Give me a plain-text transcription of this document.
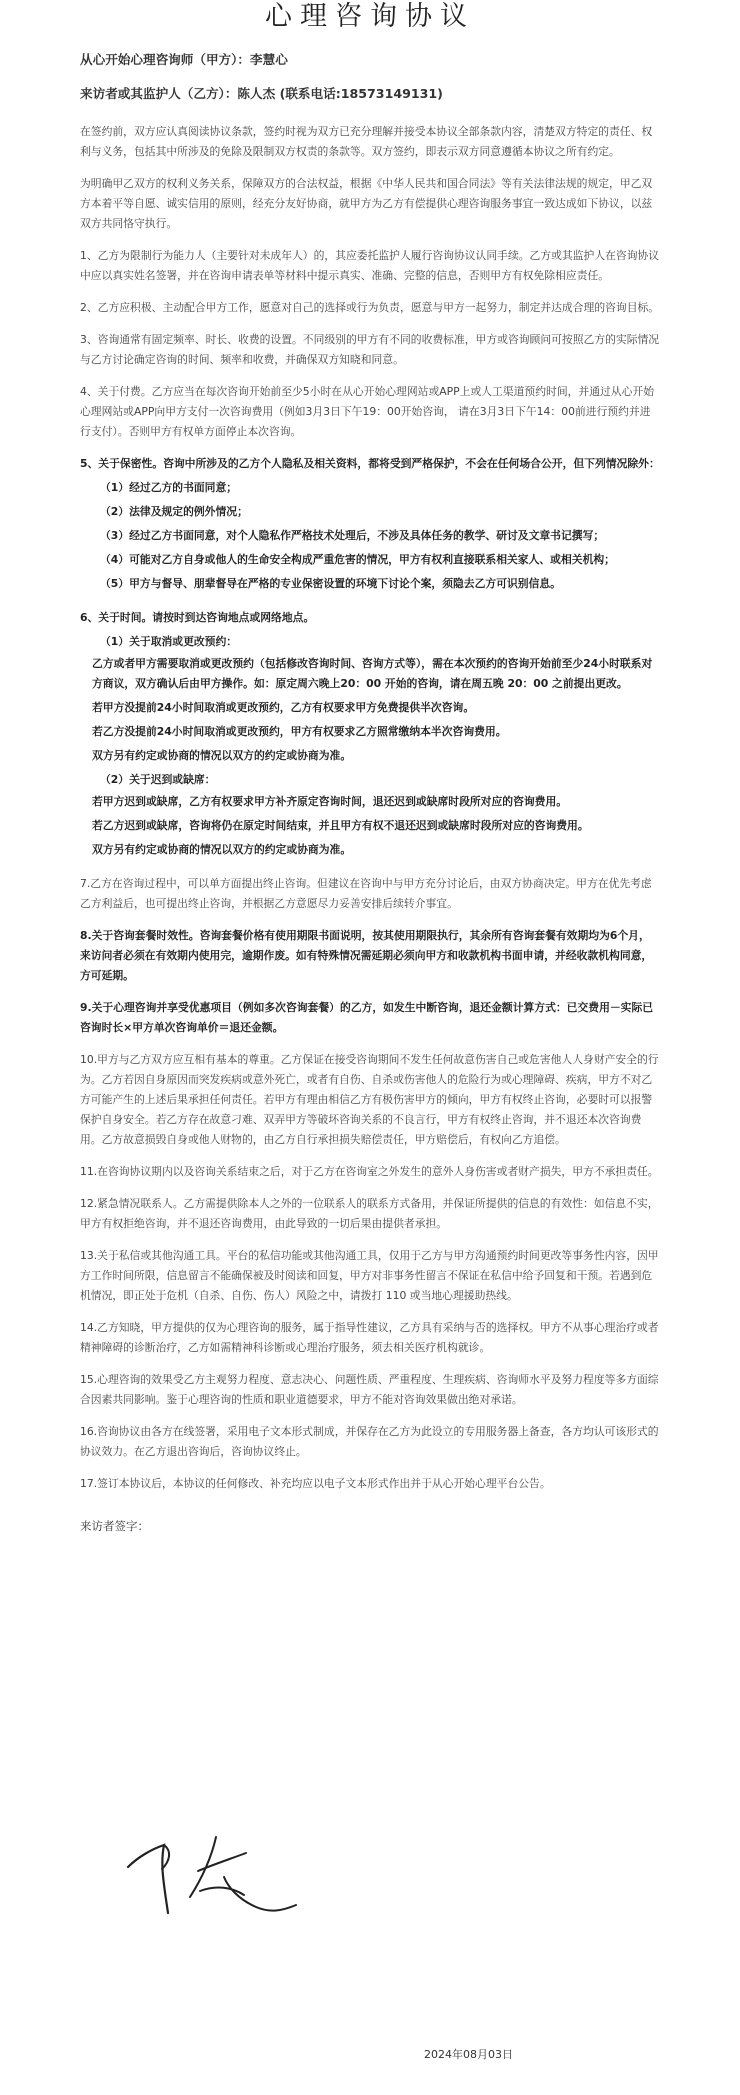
心理咨询协议
从心开始心理咨询师（甲方）：李慧心
来访者或其监护人（乙方）：陈人杰 (联系电话:18573149131)
在签约前，双方应认真阅读协议条款，签约时视为双方已充分理解并接受本协议全部条款内容，清楚双方特定的责任、权利与义务，包括其中所涉及的免除及限制双方权责的条款等。双方签约，即表示双方同意遵循本协议之所有约定。
为明确甲乙双方的权利义务关系，保障双方的合法权益，根据《中华人民共和国合同法》等有关法律法规的规定，甲乙双方本着平等自愿、诚实信用的原则，经充分友好协商，就甲方为乙方有偿提供心理咨询服务事宜一致达成如下协议，以兹双方共同恪守执行。
1、乙方为限制行为能力人（主要针对未成年人）的，其应委托监护人履行咨询协议认同手续。乙方或其监护人在咨询协议中应以真实姓名签署，并在咨询申请表单等材料中提示真实、准确、完整的信息，否则甲方有权免除相应责任。
2、乙方应积极、主动配合甲方工作，愿意对自己的选择或行为负责，愿意与甲方一起努力，制定并达成合理的咨询目标。
3、咨询通常有固定频率、时长、收费的设置。不同级别的甲方有不同的收费标准，甲方或咨询顾问可按照乙方的实际情况与乙方讨论确定咨询的时间、频率和收费，并确保双方知晓和同意。
4、关于付费。乙方应当在每次咨询开始前至少5小时在从心开始心理网站或APP上或人工渠道预约时间，并通过从心开始心理网站或APP向甲方支付一次咨询费用（例如3月3日下午19：00开始咨询， 请在3月3日下午14：00前进行预约并进行支付）。否则甲方有权单方面停止本次咨询。
5、关于保密性。咨询中所涉及的乙方个人隐私及相关资料，都将受到严格保护，不会在任何场合公开，但下列情况除外：
（1）经过乙方的书面同意；
（2）法律及规定的例外情况；
（3）经过乙方书面同意，对个人隐私作严格技术处理后，不涉及具体任务的教学、研讨及文章书记撰写；
（4）可能对乙方自身或他人的生命安全构成严重危害的情况，甲方有权利直接联系相关家人、或相关机构；
（5）甲方与督导、朋辈督导在严格的专业保密设置的环境下讨论个案，须隐去乙方可识别信息。
6、关于时间。请按时到达咨询地点或网络地点。
（1）关于取消或更改预约：
乙方或者甲方需要取消或更改预约（包括修改咨询时间、咨询方式等），需在本次预约的咨询开始前至少24小时联系对方商议，双方确认后由甲方操作。如：原定周六晚上20：00 开始的咨询，请在周五晚 20：00 之前提出更改。
若甲方没提前24小时间取消或更改预约，乙方有权要求甲方免费提供半次咨询。
若乙方没提前24小时间取消或更改预约，甲方有权要求乙方照常缴纳本半次咨询费用。
双方另有约定或协商的情况以双方的约定或协商为准。
（2）关于迟到或缺席：
若甲方迟到或缺席，乙方有权要求甲方补齐原定咨询时间，退还迟到或缺席时段所对应的咨询费用。
若乙方迟到或缺席，咨询将仍在原定时间结束，并且甲方有权不退还迟到或缺席时段所对应的咨询费用。
双方另有约定或协商的情况以双方的约定或协商为准。
7.乙方在咨询过程中，可以单方面提出终止咨询。但建议在咨询中与甲方充分讨论后，由双方协商决定。甲方在优先考虑乙方利益后，也可提出终止咨询，并根据乙方意愿尽力妥善安排后续转介事宜。
8.关于咨询套餐时效性。咨询套餐价格有使用期限书面说明，按其使用期限执行，其余所有咨询套餐有效期均为6个月，来访问者必须在有效期内使用完，逾期作废。如有特殊情况需延期必须向甲方和收款机构书面申请，并经收款机构同意，方可延期。
9.关于心理咨询并享受优惠项目（例如多次咨询套餐）的乙方，如发生中断咨询，退还金额计算方式：已交费用－实际已咨询时长×甲方单次咨询单价＝退还金额。
10.甲方与乙方双方应互相有基本的尊重。乙方保证在接受咨询期间不发生任何故意伤害自己或危害他人人身财产安全的行为。乙方若因自身原因而突发疾病或意外死亡，或者有自伤、自杀或伤害他人的危险行为或心理障碍、疾病，甲方不对乙方可能产生的上述后果承担任何责任。若甲方有理由相信乙方有极伤害甲方的倾向，甲方有权终止咨询，必要时可以报警保护自身安全。若乙方存在故意刁难、双弄甲方等破坏咨询关系的不良言行，甲方有权终止咨询，并不退还本次咨询费用。乙方故意损毁自身或他人财物的，由乙方自行承担损失赔偿责任，甲方赔偿后，有权向乙方追偿。
11.在咨询协议期内以及咨询关系结束之后，对于乙方在咨询室之外发生的意外人身伤害或者财产损失，甲方不承担责任。
12.紧急情况联系人。乙方需提供除本人之外的一位联系人的联系方式备用，并保证所提供的信息的有效性：如信息不实，甲方有权拒绝咨询，并不退还咨询费用，由此导致的一切后果由提供者承担。
13.关于私信或其他沟通工具。平台的私信功能或其他沟通工具，仅用于乙方与甲方沟通预约时间更改等事务性内容，因甲方工作时间所限，信息留言不能确保被及时阅读和回复，甲方对非事务性留言不保证在私信中给予回复和干预。若遇到危机情况，即正处于危机（自杀、自伤、伤人）风险之中，请拨打 110 或当地心理援助热线。
14.乙方知晓，甲方提供的仅为心理咨询的服务，属于指导性建议，乙方具有采纳与否的选择权。甲方不从事心理治疗或者精神障碍的诊断治疗，乙方如需精神科诊断或心理治疗服务，须去相关医疗机构就诊。
15.心理咨询的效果受乙方主观努力程度、意志决心、问题性质、严重程度、生理疾病、咨询师水平及努力程度等多方面综合因素共同影响。鉴于心理咨询的性质和职业道德要求，甲方不能对咨询效果做出绝对承诺。
16.咨询协议由各方在线签署，采用电子文本形式制成，并保存在乙方为此设立的专用服务器上备查，各方均认可该形式的协议效力。在乙方退出咨询后，咨询协议终止。
17.签订本协议后，本协议的任何修改、补充均应以电子文本形式作出并于从心开始心理平台公告。
来访者签字：
2024年08月03日
